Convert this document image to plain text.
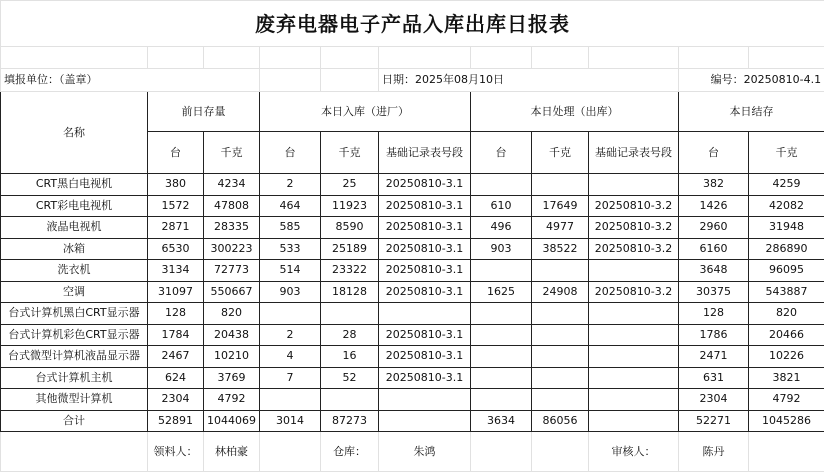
废弃电器电子产品入库出库日报表										

填报单位：（盖章）					日期：2025年08月10日				编号：20250810-4.1	
名称	前日存量		本日入库（进厂）			本日处理（出库）			本日结存	
	台	千克	台	千克	基础记录表号段	台	千克	基础记录表号段	台	千克
CRT黑白电视机	380	4234	2	25	20250810-3.1				382	4259
CRT彩电电视机	1572	47808	464	11923	20250810-3.1	610	17649	20250810-3.2	1426	42082
液晶电视机	2871	28335	585	8590	20250810-3.1	496	4977	20250810-3.2	2960	31948
冰箱	6530	300223	533	25189	20250810-3.1	903	38522	20250810-3.2	6160	286890
洗衣机	3134	72773	514	23322	20250810-3.1				3648	96095
空调	31097	550667	903	18128	20250810-3.1	1625	24908	20250810-3.2	30375	543887
台式计算机黑白CRT显示器	128	820							128	820
台式计算机彩色CRT显示器	1784	20438	2	28	20250810-3.1				1786	20466
台式微型计算机液晶显示器	2467	10210	4	16	20250810-3.1				2471	10226
台式计算机主机	624	3769	7	52	20250810-3.1				631	3821
其他微型计算机	2304	4792							2304	4792
合计	52891	1044069	3014	87273		3634	86056		52271	1045286
	领料人：	林柏豪		仓库：	朱鸿			审核人：	陈丹	
